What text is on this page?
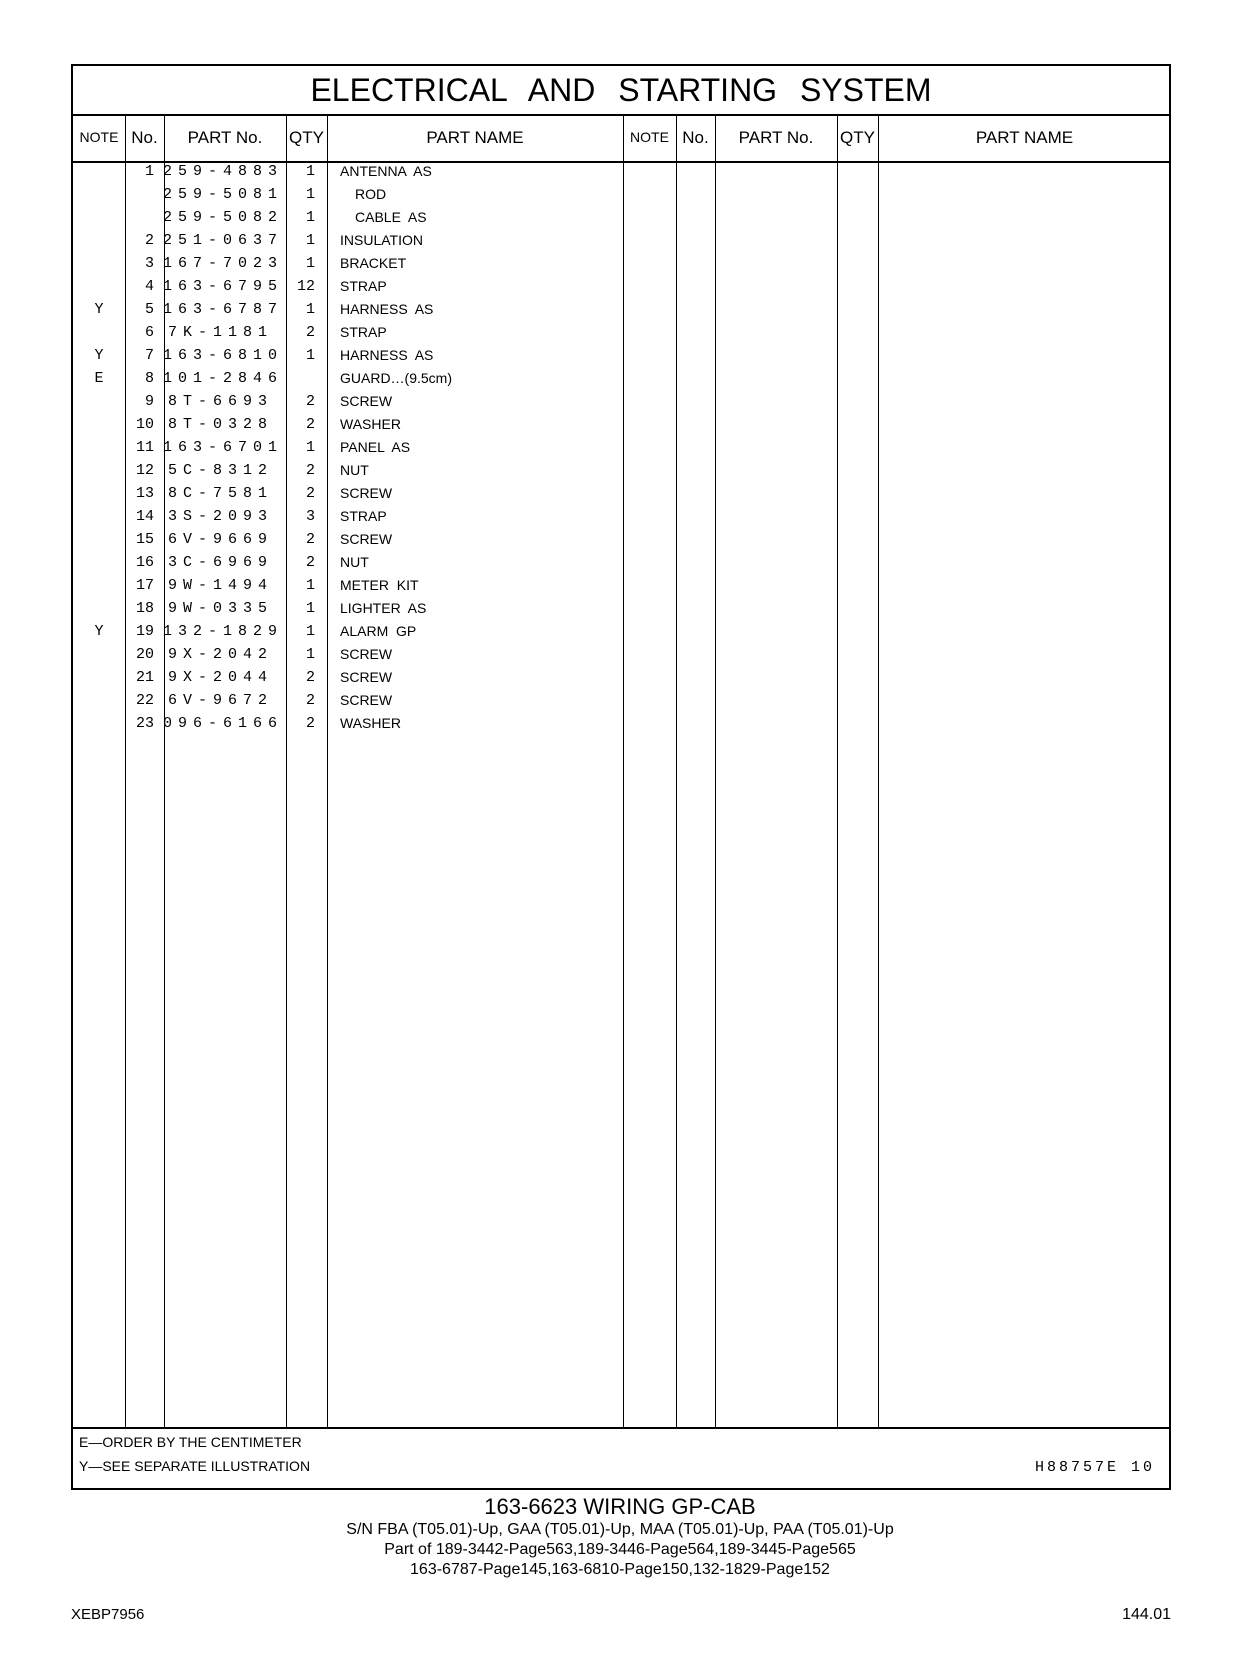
ELECTRICAL AND STARTING SYSTEM
NOTE No.	PART No.	QTY	PART NAME	NOTE No.	PART No.	QTY	PART NAME
1 259-4883	1 ANTENNA  AS
259-5081	1	ROD
259-5082	1	CABLE  AS
2 251-0637	1 INSULATION
3 167-7023	1 BRACKET
4 163-6795 12 STRAP
Y	5 163-6787	1 HARNESS  AS
6 7K-1181	2 STRAP
Y	7 163-6810	1 HARNESS  AS
E	8 101-2846	GUARD…(9.5cm)
9 8T-6693	2 SCREW
10 8T-0328	2 WASHER
11 163-6701	1 PANEL  AS
12 5C-8312	2 NUT
13 8C-7581	2 SCREW
14 3S-2093	3 STRAP
15 6V-9669	2 SCREW
16 3C-6969	2 NUT
17 9W-1494	1 METER  KIT
18 9W-0335	1 LIGHTER  AS
Y	19 132-1829	1 ALARM  GP
20 9X-2042	1 SCREW
21 9X-2044	2 SCREW
22 6V-9672	2 SCREW
23 096-6166	2 WASHER
E—ORDER BY THE CENTIMETER
Y—SEE SEPARATE ILLUSTRATION	H88757E 10
163-6623 WIRING GP-CAB
S/N FBA (T05.01)-Up, GAA (T05.01)-Up, MAA (T05.01)-Up, PAA (T05.01)-Up
Part of 189-3442-Page563,189-3446-Page564,189-3445-Page565
163-6787-Page145,163-6810-Page150,132-1829-Page152
XEBP7956	144.01
